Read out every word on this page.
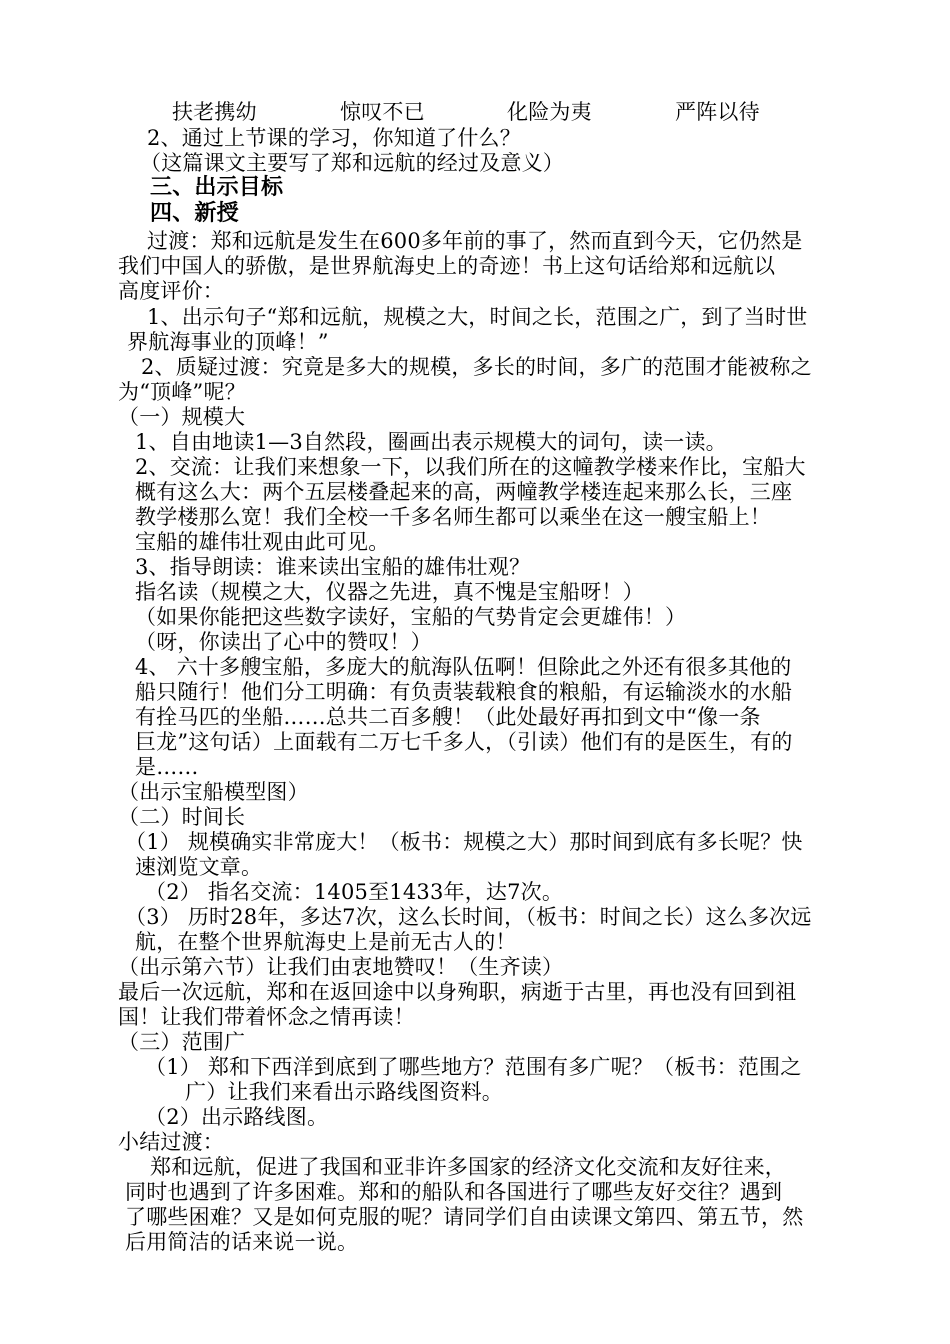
扶老携幼	惊叹不已	化险为夷	严阵以待
2、通过上节课的学习，你知道了什么？
（这篇课文主要写了郑和远航的经过及意义）
三、出示目标
四、新授
过渡：郑和远航是发生在600多年前的事了，然而直到今天，它仍然是
我们中国人的骄傲，是世界航海史上的奇迹！书上这句话给郑和远航以
高度评价：
1、出示句子“郑和远航，规模之大，时间之长，范围之广，到了当时世
界航海事业的顶峰！”
2、质疑过渡：究竟是多大的规模，多长的时间，多广的范围才能被称之
为“顶峰”呢？
（一）规模大
1、自由地读1—3自然段，圈画出表示规模大的词句，读一读。
2、交流：让我们来想象一下，以我们所在的这幢教学楼来作比，宝船大
概有这么大：两个五层楼叠起来的高，两幢教学楼连起来那么长，三座
教学楼那么宽！我们全校一千多名师生都可以乘坐在这一艘宝船上！
宝船的雄伟壮观由此可见。
3、指导朗读：谁来读出宝船的雄伟壮观？
指名读（规模之大，仪器之先进，真不愧是宝船呀！）
（如果你能把这些数字读好，宝船的气势肯定会更雄伟！）
（呀，你读出了心中的赞叹！）
4、 六十多艘宝船，多庞大的航海队伍啊！但除此之外还有很多其他的
船只随行！他们分工明确：有负责装载粮食的粮船，有运输淡水的水船
有拴马匹的坐船……总共二百多艘！（此处最好再扣到文中“像一条
巨龙”这句话）上面载有二万七千多人，（引读）他们有的是医生，有的
是……
（出示宝船模型图）
（二）时间长
（1） 规模确实非常庞大！（板书：规模之大）那时间到底有多长呢？快
速浏览文章。
（2） 指名交流：1405至1433年，达7次。
（3） 历时28年，多达7次，这么长时间，（板书：时间之长）这么多次远
航，在整个世界航海史上是前无古人的！
（出示第六节）让我们由衷地赞叹！（生齐读）
最后一次远航，郑和在返回途中以身殉职，病逝于古里，再也没有回到祖
国！让我们带着怀念之情再读！
（三）范围广
（1） 郑和下西洋到底到了哪些地方？范围有多广呢？（板书：范围之
广）让我们来看出示路线图资料。
（2）出示路线图。
小结过渡：
郑和远航，促进了我国和亚非许多国家的经济文化交流和友好往来，
同时也遇到了许多困难。郑和的船队和各国进行了哪些友好交往？遇到
了哪些困难？又是如何克服的呢？请同学们自由读课文第四、第五节，然
后用简洁的话来说一说。
